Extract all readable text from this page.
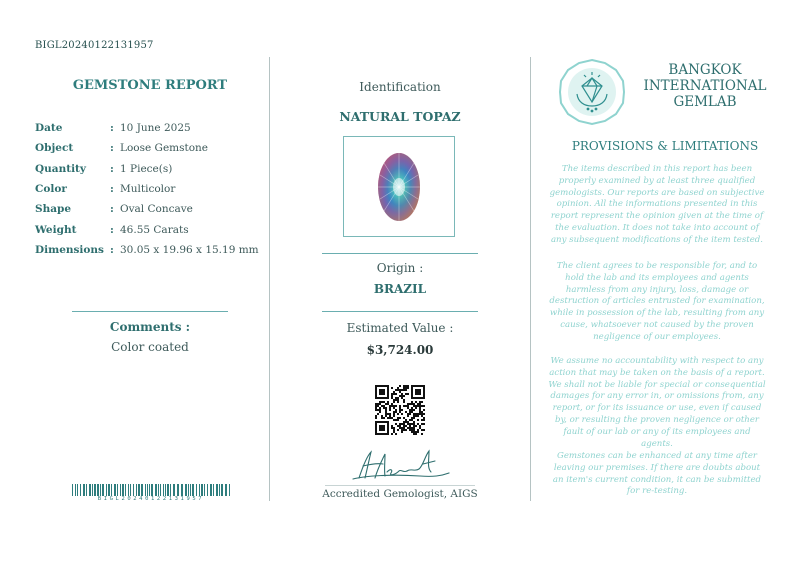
BIGL20240122131957
GEMSTONE REPORT
Date	: 10 June 2025
Object	: Loose Gemstone
Quantity	: 1 Piece(s)
Color	: Multicolor
Shape	: Oval Concave
Weight	: 46.55 Carats
Dimensions : 30.05 x 19.96 x 15.19 mm
Comments :
Color coated
BIGL20240122131957
Identification
NATURAL TOPAZ
Origin :
BRAZIL
Estimated Value :
$3,724.00
Accredited Gemologist, AIGS
BANGKOK
INTERNATIONAL
GEMLAB
PROVISIONS & LIMITATIONS
The items described in this report has been properly examined by at least three qualified gemologists. Our reports are based on subjective opinion. All the informations presented in this report represent the opinion given at the time of the evaluation. It does not take into account of any subsequent modifications of the item tested.
The client agrees to be responsible for, and to hold the lab and its employees and agents harmless from any injury, loss, damage or destruction of articles entrusted for examination, while in possession of the lab, resulting from any cause, whatsoever not caused by the proven negligence of our employees.
We assume no accountability with respect to any action that may be taken on the basis of a report. We shall not be liable for special or consequential damages for any error in, or omissions from, any report, or for its issuance or use, even if caused by, or resulting the proven negligence or other fault of our lab or any of its employees and agents.
Gemstones can be enhanced at any time after leaving our premises. If there are doubts about an item's current condition, it can be submitted for re-testing.
